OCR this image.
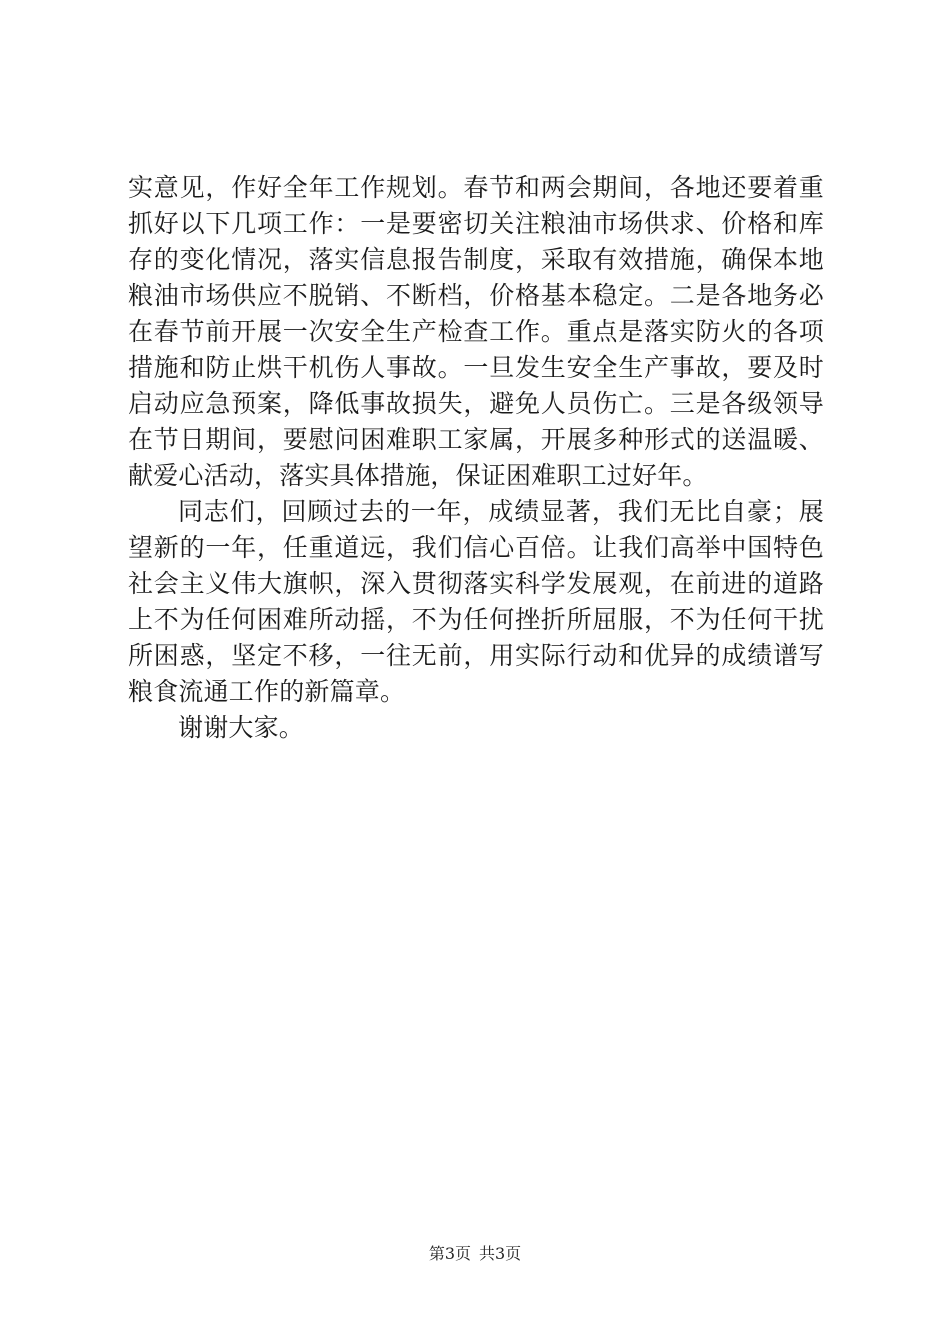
实意见，作好全年工作规划。春节和两会期间，各地还要着重
抓好以下几项工作：一是要密切关注粮油市场供求、价格和库
存的变化情况，落实信息报告制度，采取有效措施，确保本地
粮油市场供应不脱销、不断档，价格基本稳定。二是各地务必
在春节前开展一次安全生产检查工作。重点是落实防火的各项
措施和防止烘干机伤人事故。一旦发生安全生产事故，要及时
启动应急预案，降低事故损失，避免人员伤亡。三是各级领导
在节日期间，要慰问困难职工家属，开展多种形式的送温暖、
献爱心活动，落实具体措施，保证困难职工过好年。
同志们，回顾过去的一年，成绩显著，我们无比自豪；展
望新的一年，任重道远，我们信心百倍。让我们高举中国特色
社会主义伟大旗帜，深入贯彻落实科学发展观，在前进的道路
上不为任何困难所动摇，不为任何挫折所屈服，不为任何干扰
所困惑，坚定不移，一往无前，用实际行动和优异的成绩谱写
粮食流通工作的新篇章。
谢谢大家。
第3页 共3页
